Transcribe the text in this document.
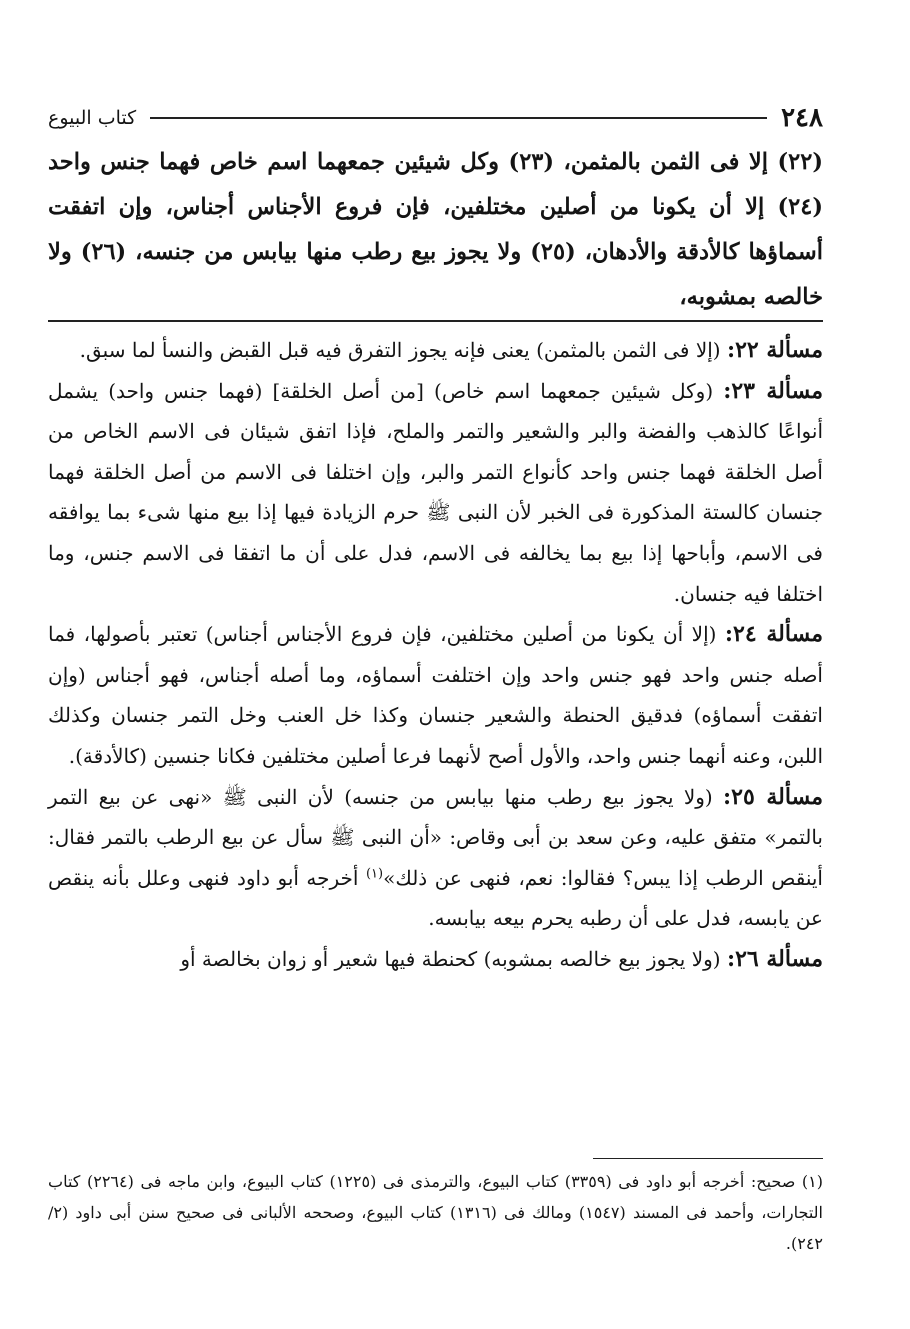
٢٤٨
كتاب البيوع

(٢٢) إلا فى الثمن بالمثمن، (٢٣) وكل شيئين جمعهما اسم خاص فهما جنس واحد (٢٤) إلا أن يكونا من أصلين مختلفين، فإن فروع الأجناس أجناس، وإن اتفقت أسماؤها كالأدقة والأدهان، (٢٥) ولا يجوز بيع رطب منها بيابس من جنسه، (٢٦) ولا خالصه بمشوبه،

مسألة ٢٢: (إلا فى الثمن بالمثمن) يعنى فإنه يجوز التفرق فيه قبل القبض والنسأ لما سبق.

مسألة ٢٣: (وكل شيئين جمعهما اسم خاص) [من أصل الخلقة] (فهما جنس واحد) يشمل أنواعًا كالذهب والفضة والبر والشعير والتمر والملح، فإذا اتفق شيئان فى الاسم الخاص من أصل الخلقة فهما جنس واحد كأنواع التمر والبر، وإن اختلفا فى الاسم من أصل الخلقة فهما جنسان كالستة المذكورة فى الخبر لأن النبى ﷺ حرم الزيادة فيها إذا بيع منها شىء بما يوافقه فى الاسم، وأباحها إذا بيع بما يخالفه فى الاسم، فدل على أن ما اتفقا فى الاسم جنس، وما اختلفا فيه جنسان.

مسألة ٢٤: (إلا أن يكونا من أصلين مختلفين، فإن فروع الأجناس أجناس) تعتبر بأصولها، فما أصله جنس واحد فهو جنس واحد وإن اختلفت أسماؤه، وما أصله أجناس، فهو أجناس (وإن اتفقت أسماؤه) فدقيق الحنطة والشعير جنسان وكذا خل العنب وخل التمر جنسان وكذلك اللبن، وعنه أنهما جنس واحد، والأول أصح لأنهما فرعا أصلين مختلفين فكانا جنسين (كالأدقة).

مسألة ٢٥: (ولا يجوز بيع رطب منها بيابس من جنسه) لأن النبى ﷺ «نهى عن بيع التمر بالتمر» متفق عليه، وعن سعد بن أبى وقاص: «أن النبى ﷺ سأل عن بيع الرطب بالتمر فقال: أينقص الرطب إذا يبس؟ فقالوا: نعم، فنهى عن ذلك»$^{(١)}$ أخرجه أبو داود فنهى وعلل بأنه ينقص عن يابسه، فدل على أن رطبه يحرم بيعه بيابسه.

مسألة ٢٦: (ولا يجوز بيع خالصه بمشوبه) كحنطة فيها شعير أو زوان بخالصة أو

(١) صحيح: أخرجه أبو داود فى (٣٣٥٩) كتاب البيوع، والترمذى فى (١٢٢٥) كتاب البيوع، وابن ماجه فى (٢٢٦٤) كتاب التجارات، وأحمد فى المسند (١٥٤٧) ومالك فى (١٣١٦) كتاب البيوع، وصححه الألبانى فى صحيح سنن أبى داود (٢/ ٢٤٢).
